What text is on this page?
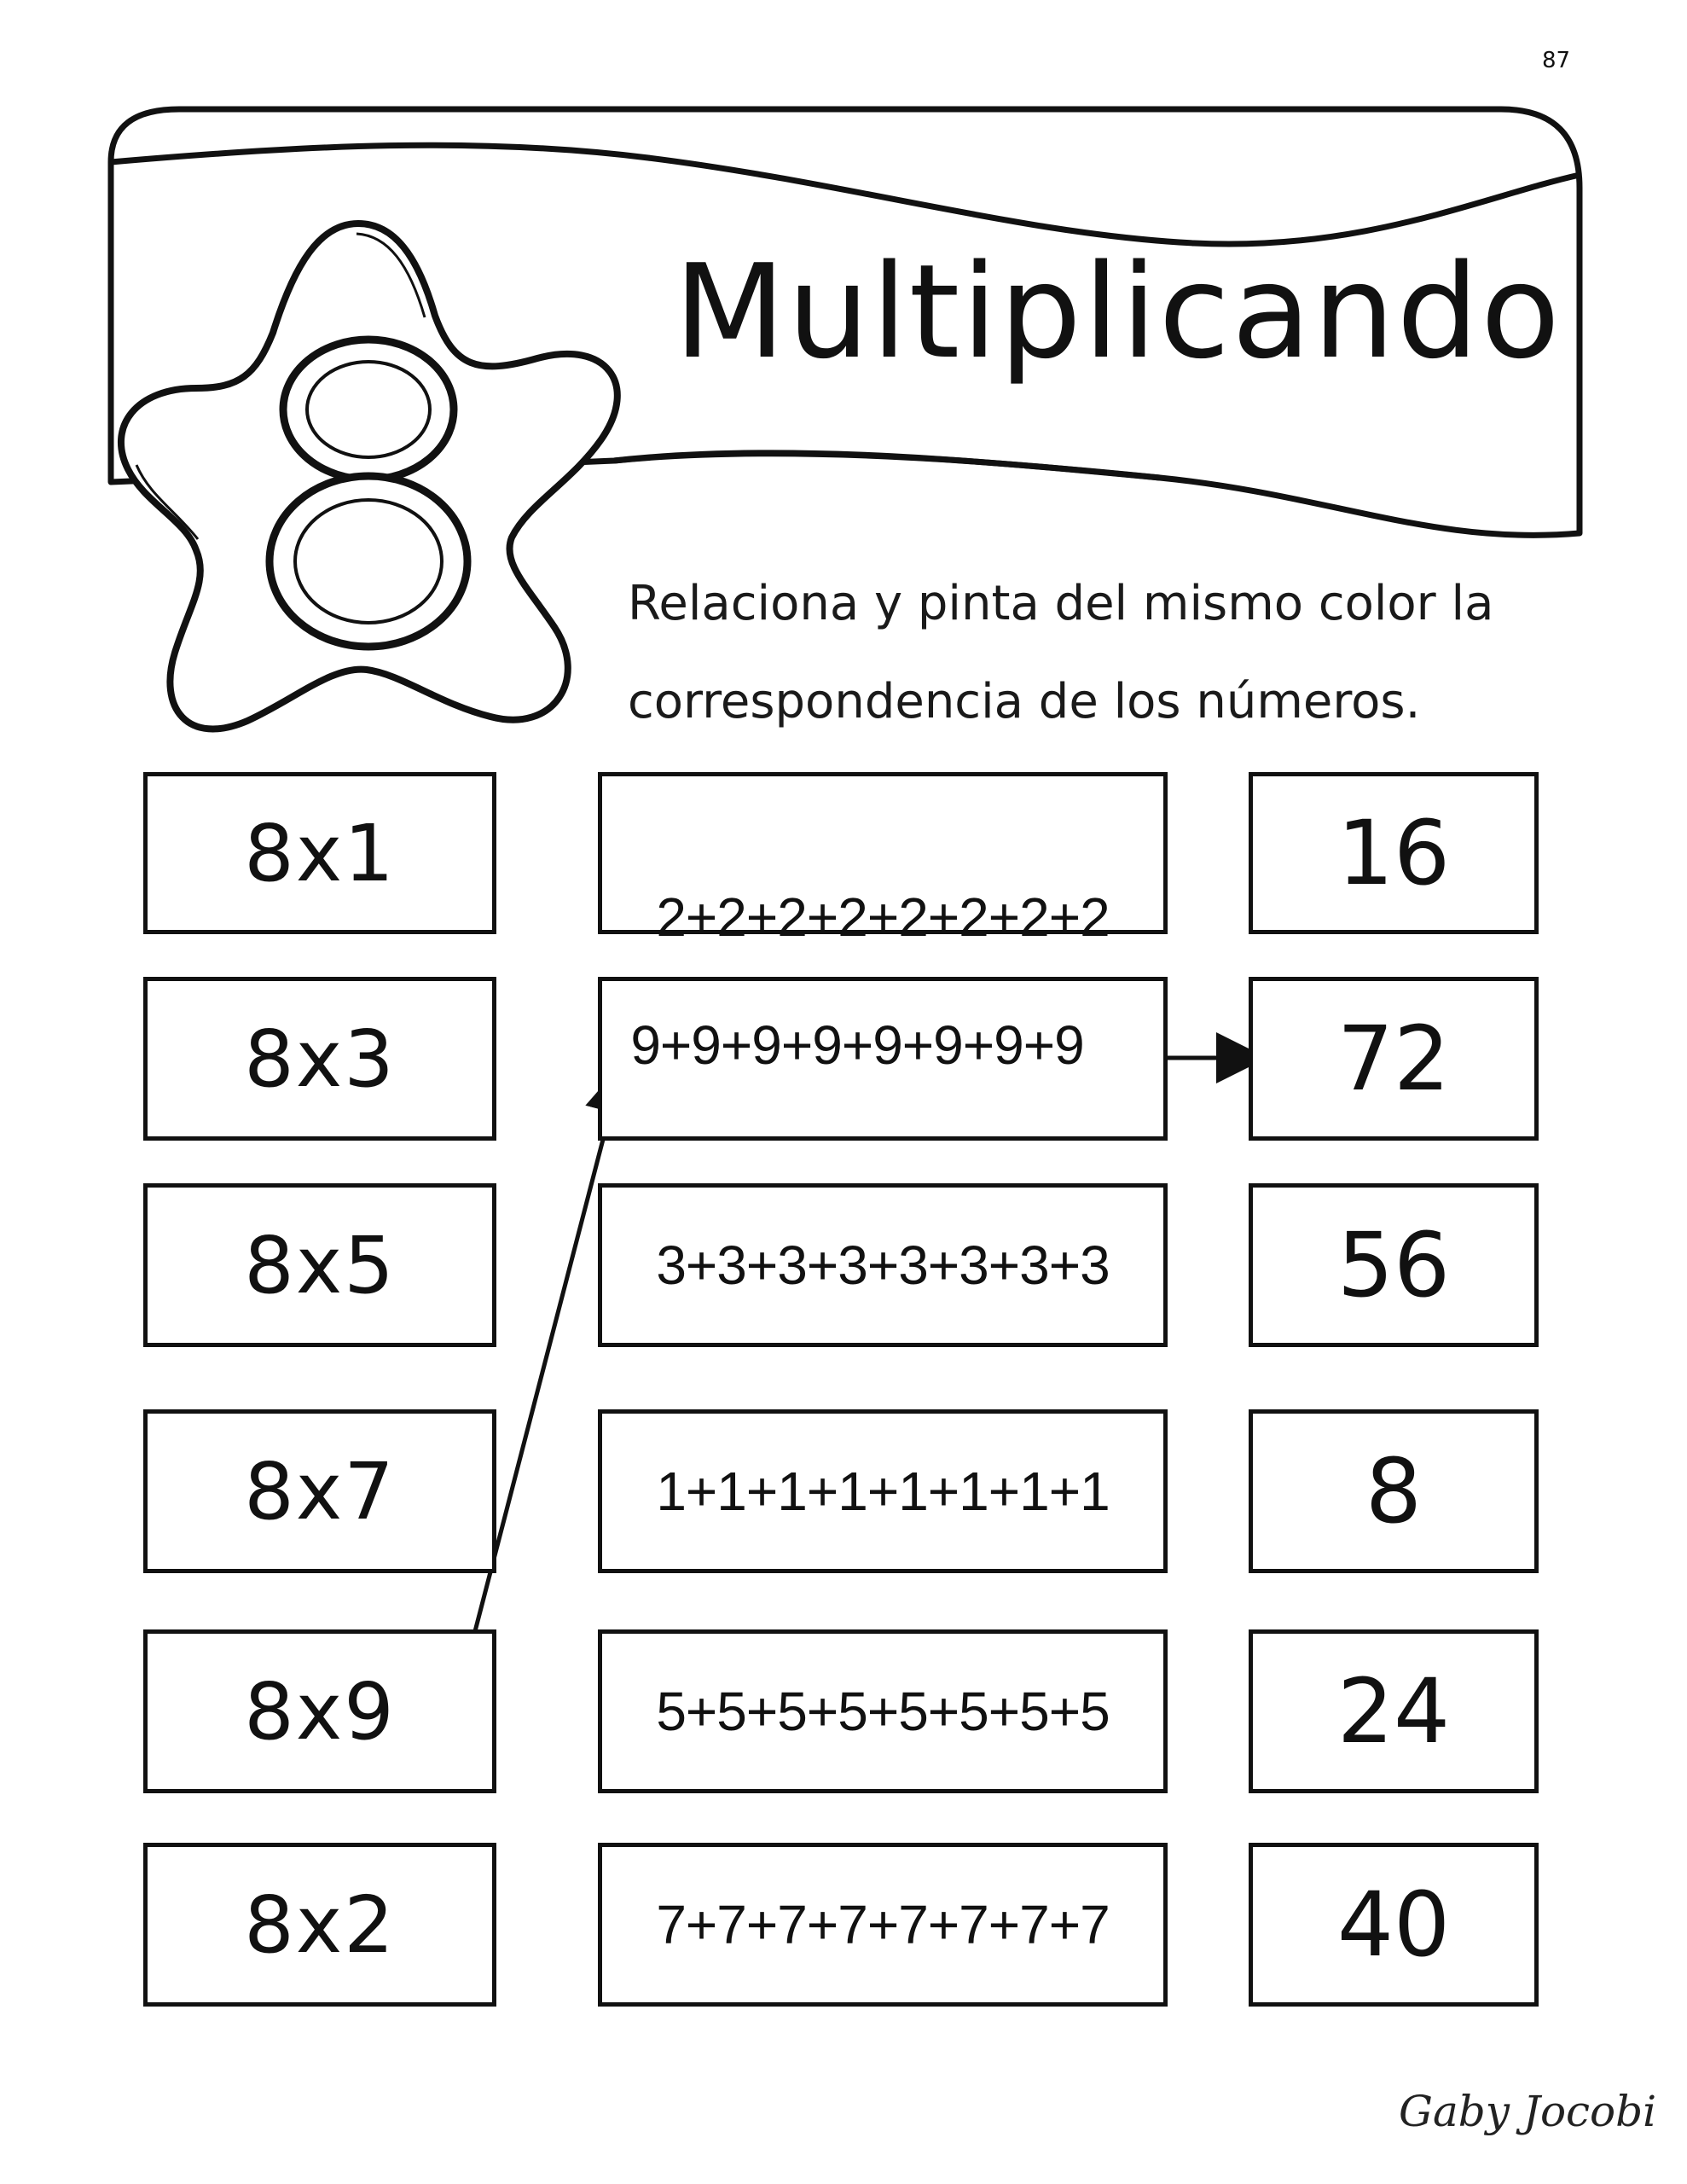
87
Multiplicando
Relaciona y pinta del mismo color la
correspondencia de los números.
8x1
8x3
8x5
8x7
8x9
8x2
2+2+2+2+2+2+2+2
9+9+9+9+9+9+9+9
3+3+3+3+3+3+3+3
1+1+1+1+1+1+1+1
5+5+5+5+5+5+5+5
7+7+7+7+7+7+7+7
16
72
56
8
24
40
Gaby Jocobi
